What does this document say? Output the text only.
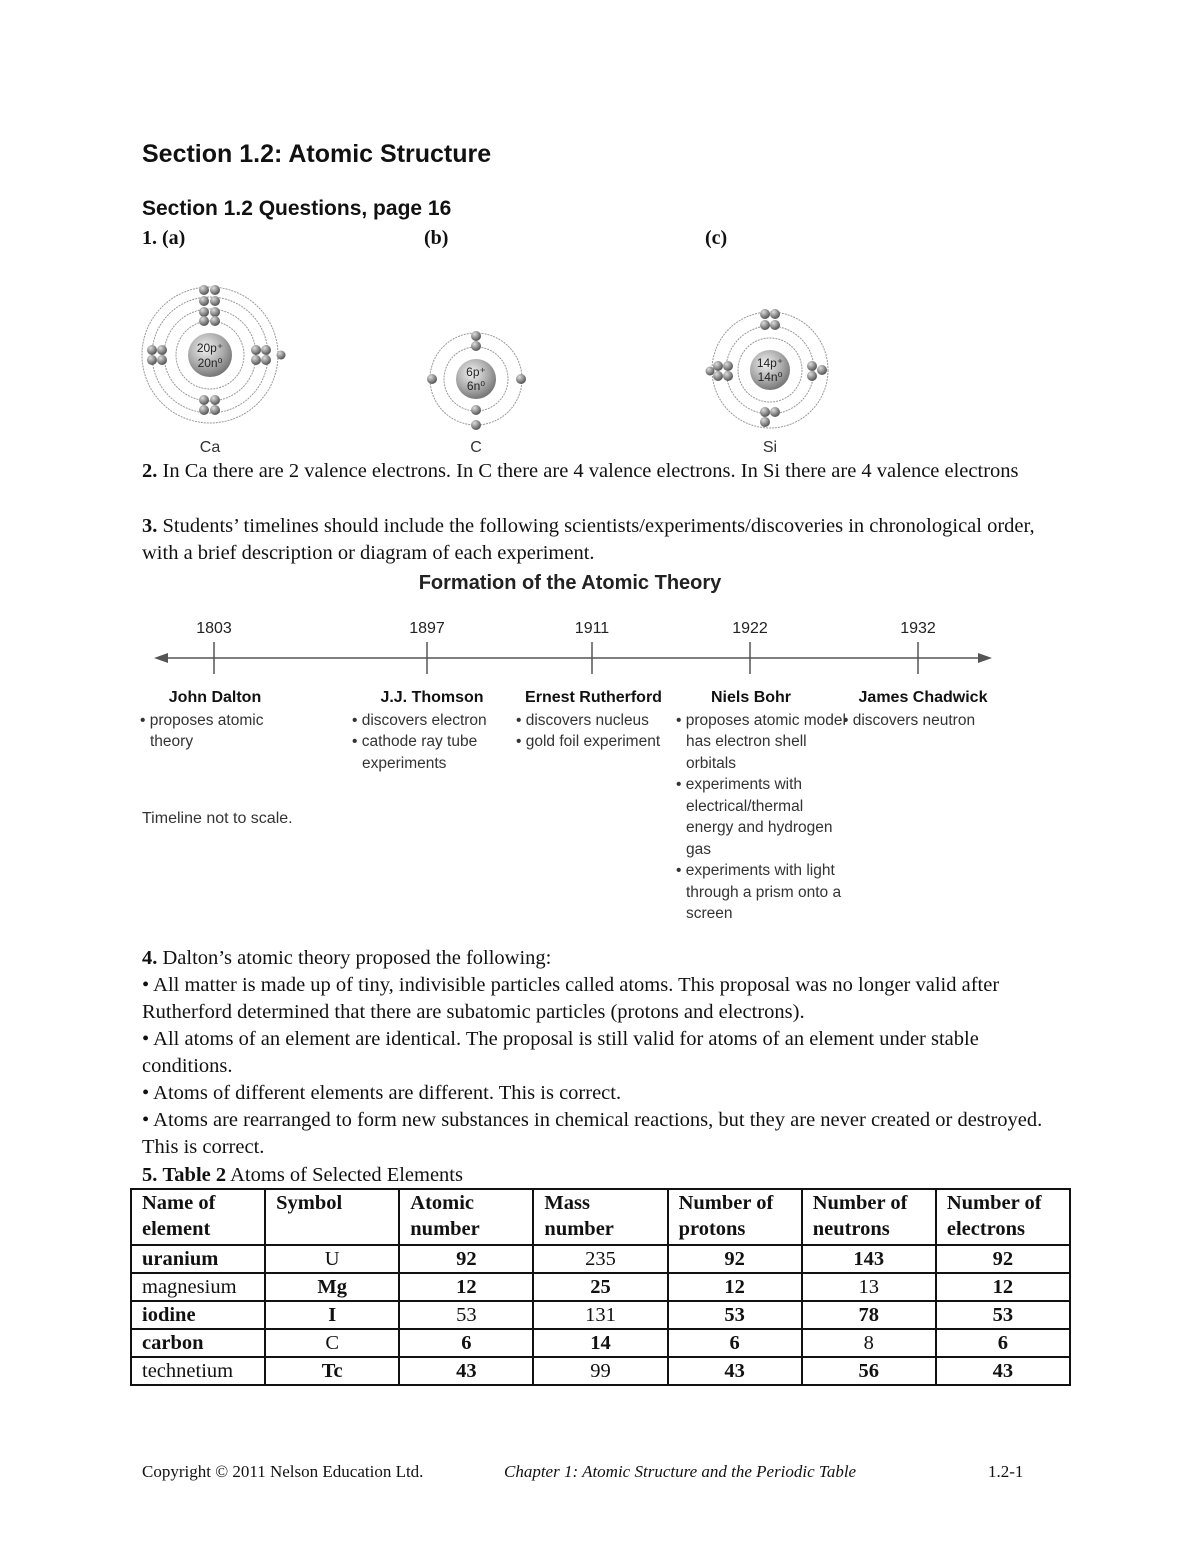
Section 1.2: Atomic Structure
Section 1.2 Questions, page 16
1. (a)	(b)	(c)
20p⁺
20n⁰
Ca
6p⁺
6n⁰
C
14p⁺
14n⁰
Si
2. In Ca there are 2 valence electrons. In C there are 4 valence electrons. In Si there are 4 valence electrons
3. Students’ timelines should include the following scientists/experiments/discoveries in chronological order, with a brief description or diagram of each experiment.
Formation of the Atomic Theory
1803	1897	1911	1922	1932
John Dalton
• proposes atomic theory
J.J. Thomson
• discovers electron
• cathode ray tube experiments
Ernest Rutherford
• discovers nucleus
• gold foil experiment
Niels Bohr
• proposes atomic model has electron shell orbitals
• experiments with electrical/thermal energy and hydrogen gas
• experiments with light through a prism onto a screen
James Chadwick
• discovers neutron
Timeline not to scale.
4. Dalton’s atomic theory proposed the following:
• All matter is made up of tiny, indivisible particles called atoms. This proposal was no longer valid after Rutherford determined that there are subatomic particles (protons and electrons).
• All atoms of an element are identical. The proposal is still valid for atoms of an element under stable conditions.
• Atoms of different elements are different. This is correct.
• Atoms are rearranged to form new substances in chemical reactions, but they are never created or destroyed. This is correct.
5. Table 2 Atoms of Selected Elements
Name of element	Symbol	Atomic number	Mass number	Number of protons	Number of neutrons	Number of electrons
uranium	U	92	235	92	143	92
magnesium	Mg	12	25	12	13	12
iodine	I	53	131	53	78	53
carbon	C	6	14	6	8	6
technetium	Tc	43	99	43	56	43
Copyright © 2011 Nelson Education Ltd.	Chapter 1: Atomic Structure and the Periodic Table	1.2-1
